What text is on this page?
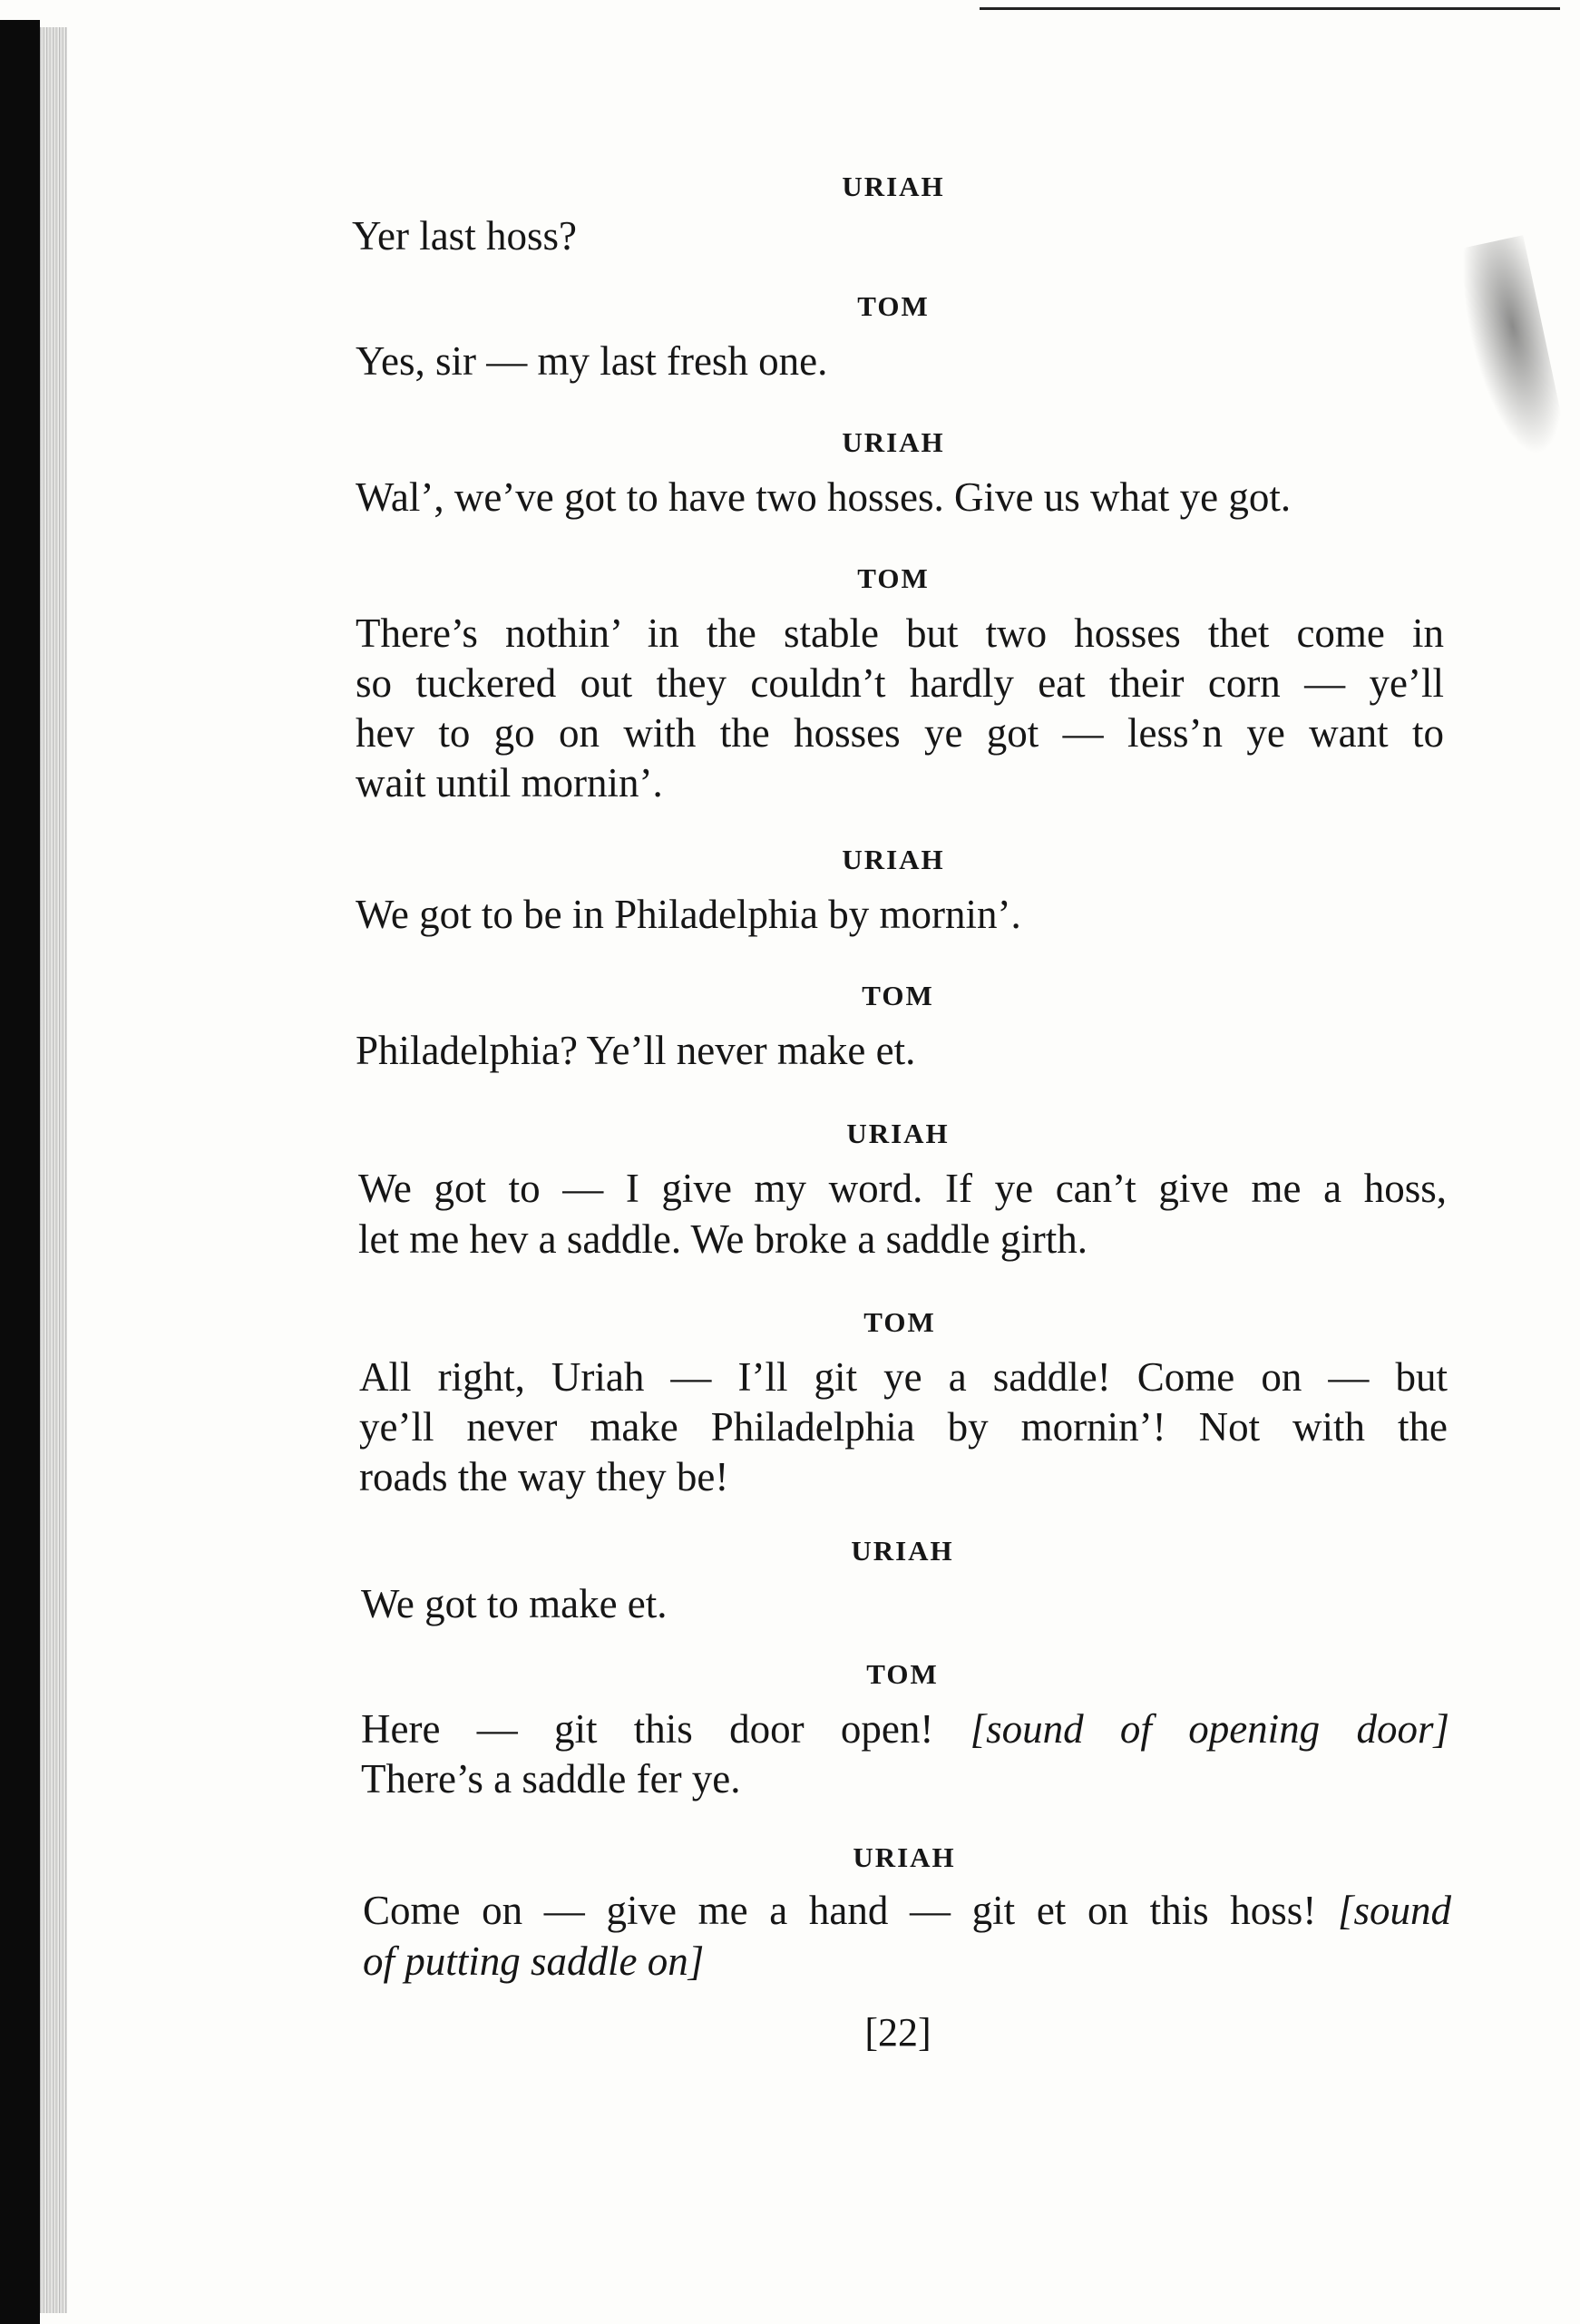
URIAH
Yer last hoss?
TOM
Yes, sir — my last fresh one.
URIAH
Wal’, we’ve got to have two hosses. Give us what ye got.
TOM
There’s nothin’ in the stable but two hosses thet come in
so tuckered out they couldn’t hardly eat their corn — ye’ll
hev to go on with the hosses ye got — less’n ye want to
wait until mornin’.
URIAH
We got to be in Philadelphia by mornin’.
TOM
Philadelphia? Ye’ll never make et.
URIAH
We got to — I give my word. If ye can’t give me a hoss,
let me hev a saddle. We broke a saddle girth.
TOM
All right, Uriah — I’ll git ye a saddle! Come on — but
ye’ll never make Philadelphia by mornin’! Not with the
roads the way they be!
URIAH
We got to make et.
TOM
Here — git this door open! [sound of opening door]
There’s a saddle fer ye.
URIAH
Come on — give me a hand — git et on this hoss! [sound
of putting saddle on]
[22]
